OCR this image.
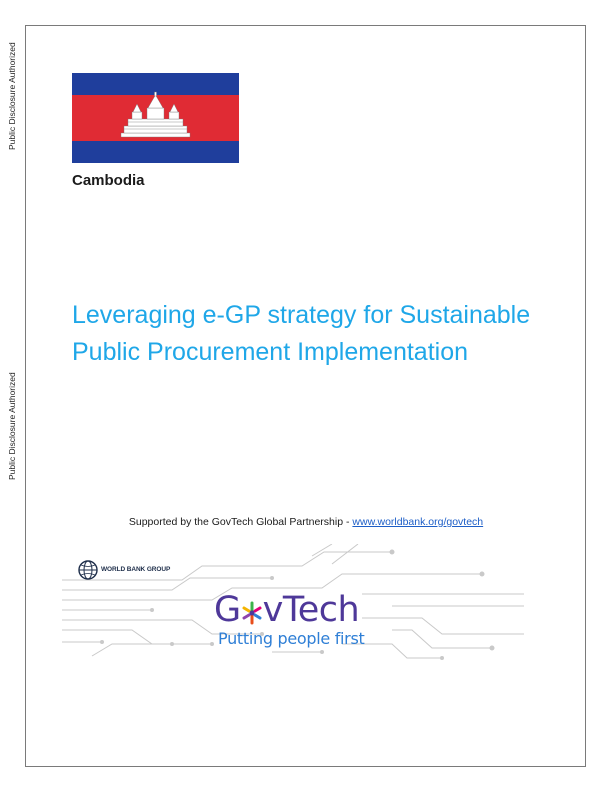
Public Disclosure Authorized
Public Disclosure Authorized
Cambodia
Leveraging e-GP strategy for Sustainable Public Procurement Implementation
Supported by the GovTech Global Partnership - www.worldbank.org/govtech
WORLD BANK GROUP
G vTech
Putting people first
